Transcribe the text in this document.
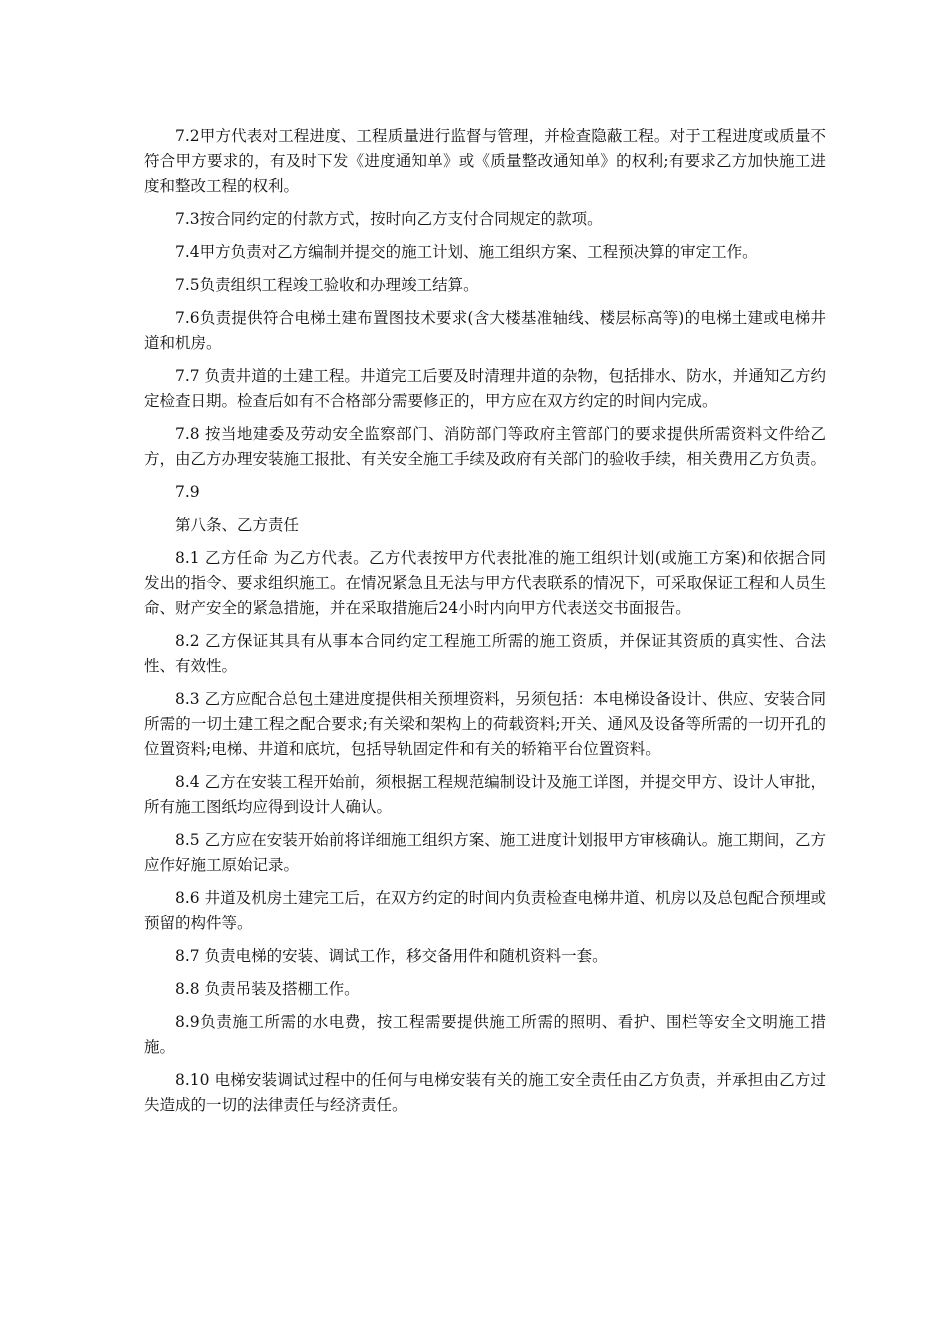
7.2甲方代表对工程进度、工程质量进行监督与管理，并检查隐蔽工程。对于工程进度或质量不符合甲方要求的，有及时下发《进度通知单》或《质量整改通知单》的权利;有要求乙方加快施工进度和整改工程的权利。

7.3按合同约定的付款方式，按时向乙方支付合同规定的款项。

7.4甲方负责对乙方编制并提交的施工计划、施工组织方案、工程预决算的审定工作。

7.5负责组织工程竣工验收和办理竣工结算。

7.6负责提供符合电梯土建布置图技术要求(含大楼基准轴线、楼层标高等)的电梯土建或电梯井道和机房。

7.7 负责井道的土建工程。井道完工后要及时清理井道的杂物，包括排水、防水，并通知乙方约定检查日期。检查后如有不合格部分需要修正的，甲方应在双方约定的时间内完成。

7.8 按当地建委及劳动安全监察部门、消防部门等政府主管部门的要求提供所需资料文件给乙方，由乙方办理安装施工报批、有关安全施工手续及政府有关部门的验收手续，相关费用乙方负责。

7.9

第八条、乙方责任

8.1 乙方任命 为乙方代表。乙方代表按甲方代表批准的施工组织计划(或施工方案)和依据合同发出的指令、要求组织施工。在情况紧急且无法与甲方代表联系的情况下，可采取保证工程和人员生命、财产安全的紧急措施，并在采取措施后24小时内向甲方代表送交书面报告。

8.2 乙方保证其具有从事本合同约定工程施工所需的施工资质，并保证其资质的真实性、合法性、有效性。

8.3 乙方应配合总包土建进度提供相关预埋资料，另须包括：本电梯设备设计、供应、安装合同所需的一切土建工程之配合要求;有关梁和架构上的荷载资料;开关、通风及设备等所需的一切开孔的位置资料;电梯、井道和底坑，包括导轨固定件和有关的轿箱平台位置资料。

8.4 乙方在安装工程开始前，须根据工程规范编制设计及施工详图，并提交甲方、设计人审批，所有施工图纸均应得到设计人确认。

8.5 乙方应在安装开始前将详细施工组织方案、施工进度计划报甲方审核确认。施工期间，乙方应作好施工原始记录。

8.6 井道及机房土建完工后，在双方约定的时间内负责检查电梯井道、机房以及总包配合预埋或预留的构件等。

8.7 负责电梯的安装、调试工作，移交备用件和随机资料一套。

8.8 负责吊装及搭棚工作。

8.9负责施工所需的水电费，按工程需要提供施工所需的照明、看护、围栏等安全文明施工措施。

8.10 电梯安装调试过程中的任何与电梯安装有关的施工安全责任由乙方负责，并承担由乙方过失造成的一切的法律责任与经济责任。
